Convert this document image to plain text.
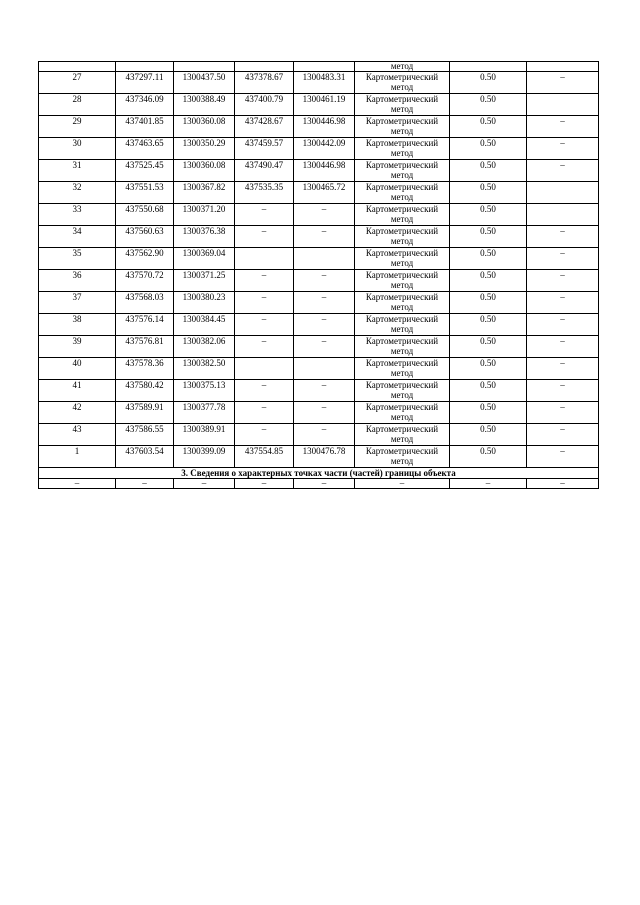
					метод		
27	437297.11	1300437.50	437378.67	1300483.31	Картометрический метод	0.50	–
28	437346.09	1300388.49	437400.79	1300461.19	Картометрический метод	0.50	
29	437401.85	1300360.08	437428.67	1300446.98	Картометрический метод	0.50	–
30	437463.65	1300350.29	437459.57	1300442.09	Картометрический метод	0.50	–
31	437525.45	1300360.08	437490.47	1300446.98	Картометрический метод	0.50	–
32	437551.53	1300367.82	437535.35	1300465.72	Картометрический метод	0.50	
33	437550.68	1300371.20	–	–	Картометрический метод	0.50	
34	437560.63	1300376.38	–	–	Картометрический метод	0.50	–
35	437562.90	1300369.04			Картометрический метод	0.50	–
36	437570.72	1300371.25	–	–	Картометрический метод	0.50	–
37	437568.03	1300380.23	–	–	Картометрический метод	0.50	–
38	437576.14	1300384.45	–	–	Картометрический метод	0.50	–
39	437576.81	1300382.06	–	–	Картометрический метод	0.50	–
40	437578.36	1300382.50			Картометрический метод	0.50	–
41	437580.42	1300375.13	–	–	Картометрический метод	0.50	–
42	437589.91	1300377.78	–	–	Картометрический метод	0.50	–
43	437586.55	1300389.91	–	–	Картометрический метод	0.50	–
1	437603.54	1300399.09	437554.85	1300476.78	Картометрический метод	0.50	–
3. Сведения о характерных точках части (частей) границы объекта							
–	–	–	–	–	–	–	–
